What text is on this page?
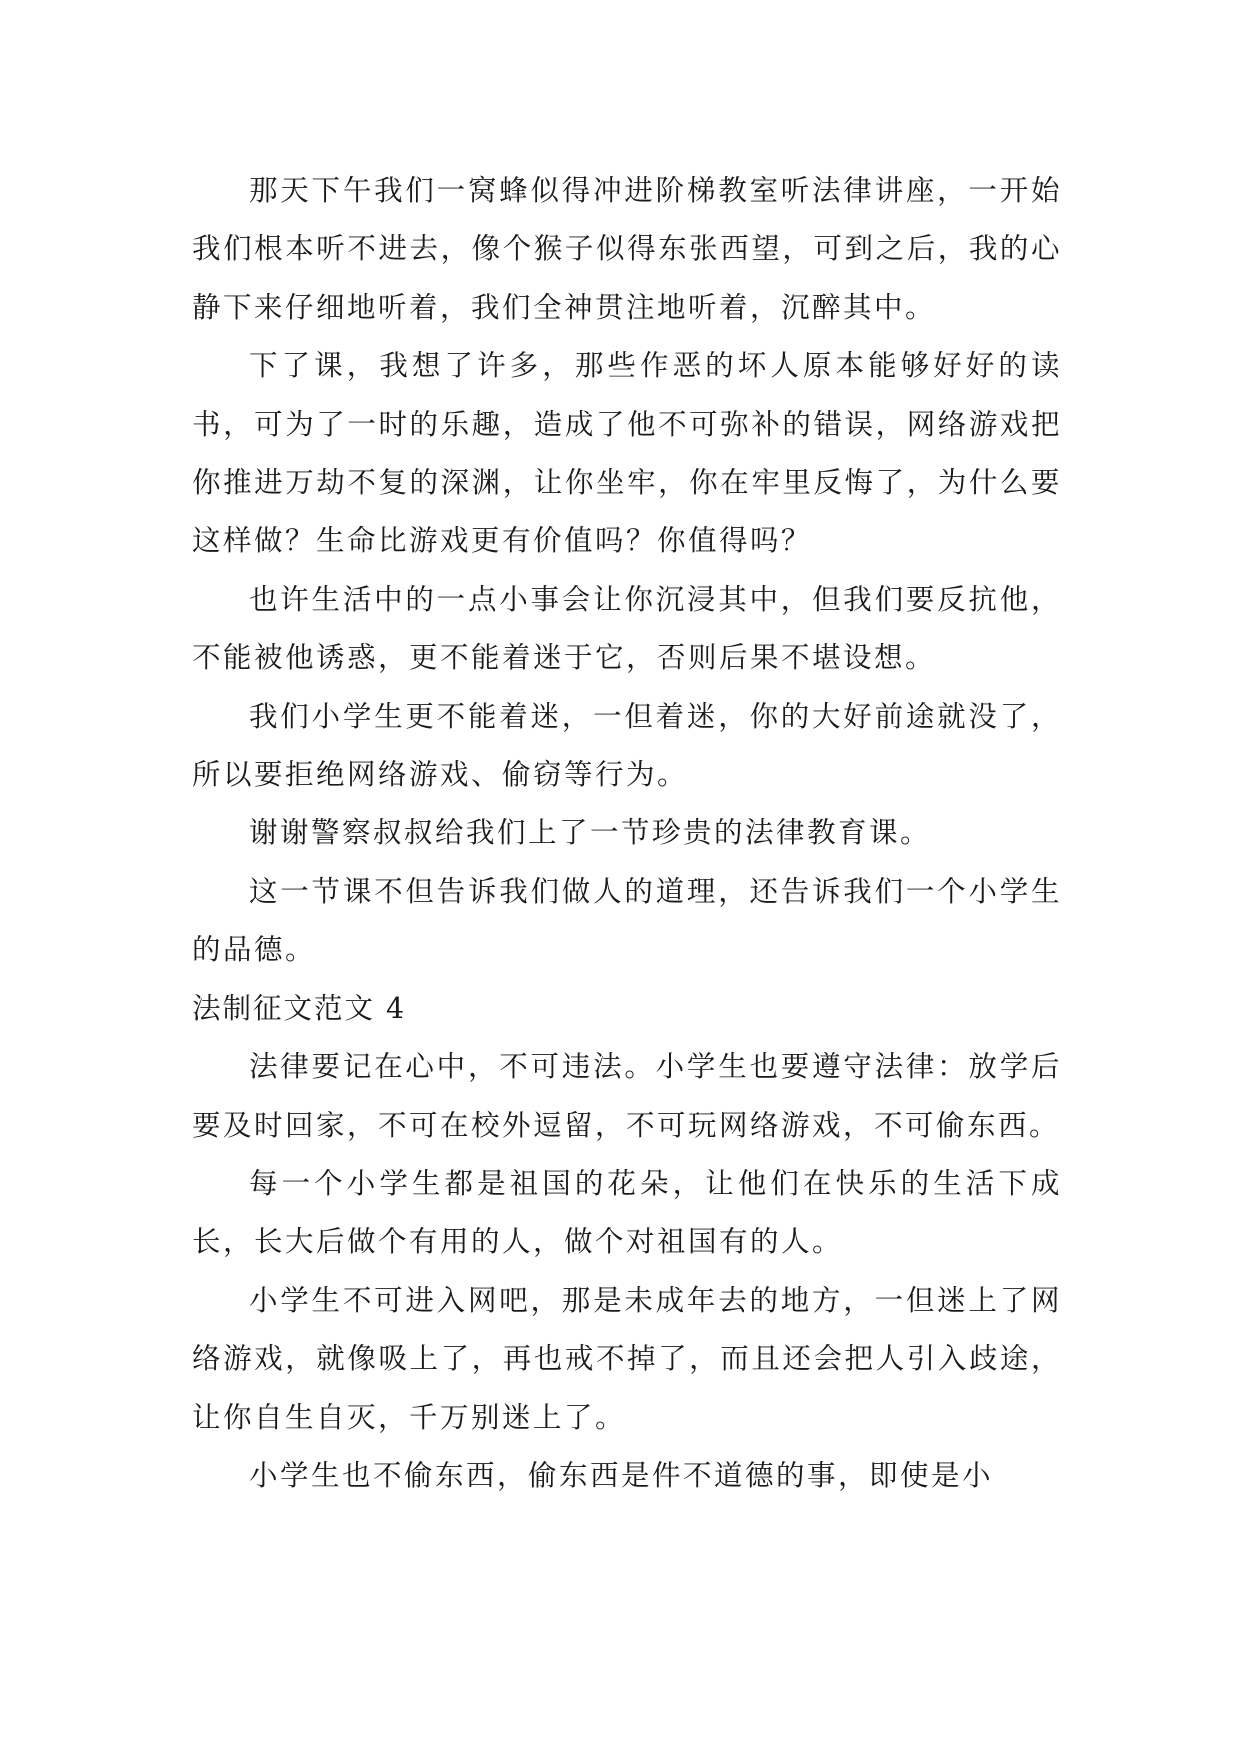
那天下午我们一窝蜂似得冲进阶梯教室听法律讲座，一开始我们根本听不进去，像个猴子似得东张西望，可到之后，我的心静下来仔细地听着，我们全神贯注地听着，沉醉其中。

下了课，我想了许多，那些作恶的坏人原本能够好好的读书，可为了一时的乐趣，造成了他不可弥补的错误，网络游戏把你推进万劫不复的深渊，让你坐牢，你在牢里反悔了，为什么要这样做？生命比游戏更有价值吗？你值得吗？

也许生活中的一点小事会让你沉浸其中，但我们要反抗他，不能被他诱惑，更不能着迷于它，否则后果不堪设想。

我们小学生更不能着迷，一但着迷，你的大好前途就没了，所以要拒绝网络游戏、偷窃等行为。

谢谢警察叔叔给我们上了一节珍贵的法律教育课。

这一节课不但告诉我们做人的道理，还告诉我们一个小学生的品德。

法制征文范文 4

法律要记在心中，不可违法。小学生也要遵守法律：放学后要及时回家，不可在校外逗留，不可玩网络游戏，不可偷东西。

每一个小学生都是祖国的花朵，让他们在快乐的生活下成长，长大后做个有用的人，做个对祖国有的人。

小学生不可进入网吧，那是未成年去的地方，一但迷上了网络游戏，就像吸上了，再也戒不掉了，而且还会把人引入歧途，让你自生自灭，千万别迷上了。

小学生也不偷东西，偷东西是件不道德的事，即使是小
